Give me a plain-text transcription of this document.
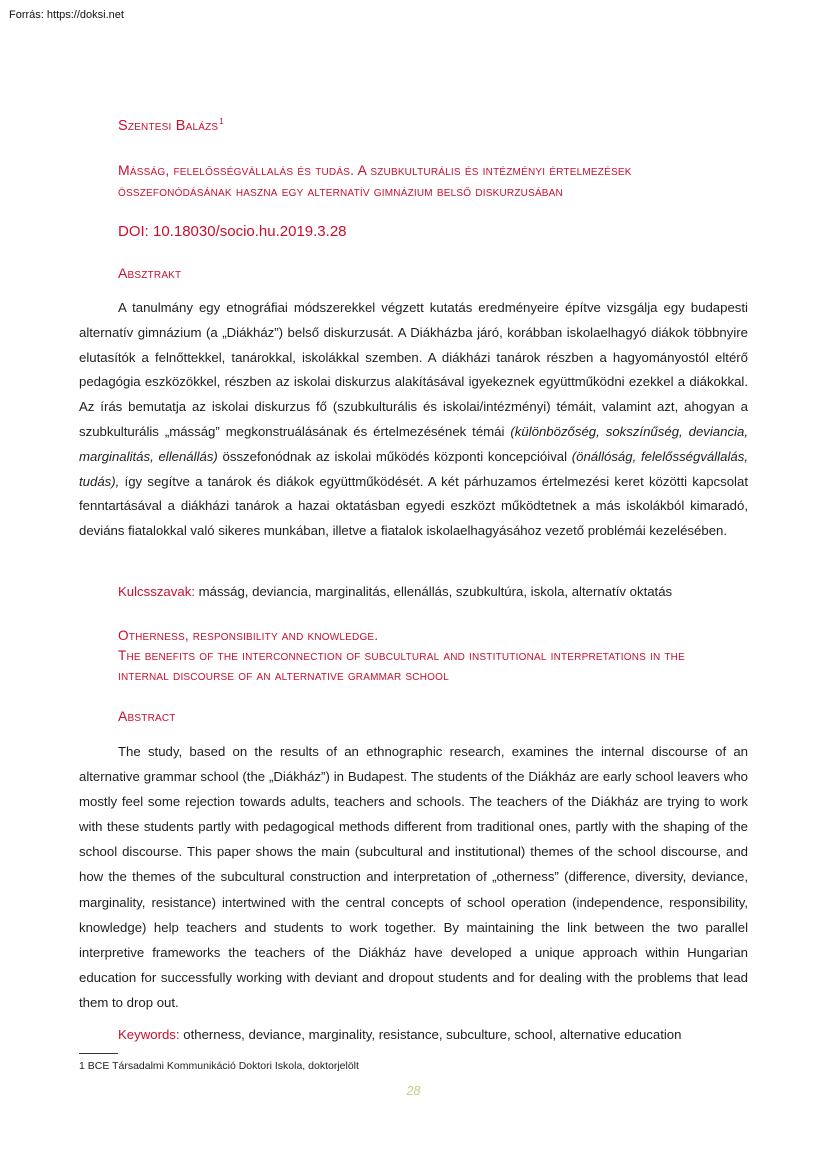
Forrás: https://doksi.net
Szentesi Balázs$^1$
Másság, felelősségvállalás és tudás. A szubkulturális és intézményi értelmezések összefonódásának haszna egy alternatív gimnázium belső diskurzusában
DOI: 10.18030/socio.hu.2019.3.28
Absztrakt

A tanulmány egy etnográfiai módszerekkel végzett kutatás eredményeire építve vizsgálja egy budapesti alternatív gimnázium (a „Diákház”) belső diskurzusát. A Diákházba járó, korábban iskolaelhagyó diákok többnyire elutasítók a felnőttekkel, tanárokkal, iskolákkal szemben. A diákházi tanárok részben a hagyományostól eltérő pedagógia eszközökkel, részben az iskolai diskurzus alakításával igyekeznek együttműködni ezekkel a diákokkal. Az írás bemutatja az iskolai diskurzus fő (szubkulturális és iskolai/intézményi) témáit, valamint azt, ahogyan a szubkulturális „másság” megkonstruálásának és értelmezésének témái (különbözőség, sokszínűség, deviancia, marginalitás, ellenállás) összefonódnak az iskolai működés központi koncepcióival (önállóság, felelősségvállalás, tudás), így segítve a tanárok és diákok együttműködését. A két párhuzamos értelmezési keret közötti kapcsolat fenntartásával a diákházi tanárok a hazai oktatásban egyedi eszközt működtetnek a más iskolákból kimaradó, deviáns fiatalokkal való sikeres munkában, illetve a fiatalok iskolaelhagyásához vezető problémái kezelésében.

Kulcsszavak: másság, deviancia, marginalitás, ellenállás, szubkultúra, iskola, alternatív oktatás
Otherness, responsibility and knowledge.
The benefits of the interconnection of subcultural and institutional interpretations in the internal discourse of an alternative grammar school
Abstract

The study, based on the results of an ethnographic research, examines the internal discourse of an alternative grammar school (the „Diákház”) in Budapest. The students of the Diákház are early school leavers who mostly feel some rejection towards adults, teachers and schools. The teachers of the Diákház are trying to work with these students partly with pedagogical methods different from traditional ones, partly with the shaping of the school discourse. This paper shows the main (subcultural and institutional) themes of the school discourse, and how the themes of the subcultural construction and interpretation of „otherness” (difference, diversity, deviance, marginality, resistance) intertwined with the central concepts of school operation (independence, responsibility, knowledge) help teachers and students to work together. By maintaining the link between the two parallel interpretive frameworks the teachers of the Diákház have developed a unique approach within Hungarian education for successfully working with deviant and dropout students and for dealing with the problems that lead them to drop out.

Keywords: otherness, deviance, marginality, resistance, subculture, school, alternative education
1 BCE Társadalmi Kommunikáció Doktori Iskola, doktorjelölt
28
